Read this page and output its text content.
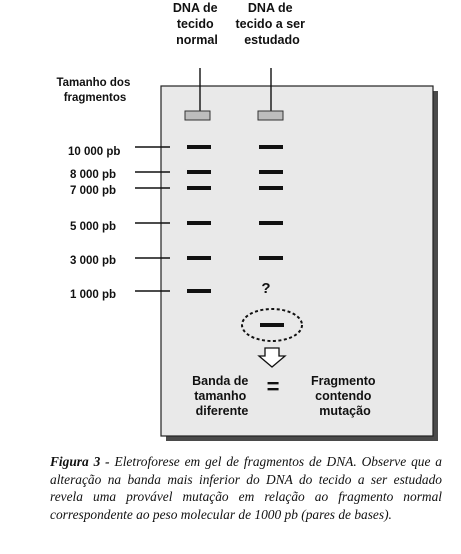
DNA de tecido normal
DNA de tecido a ser estudado
Tamanho dos fragmentos
10 000 pb
8 000 pb
7 000 pb
5 000 pb
3 000 pb
1 000 pb	?
Banda de tamanho diferente
=	Fragmento contendo mutação
Figura 3 - Eletroforese em gel de fragmentos de DNA. Observe que a alteração na banda mais inferior do DNA do tecido a ser estudado revela uma provável mutação em relação ao fragmento normal correspondente ao peso molecular de 1000 pb (pares de bases).
